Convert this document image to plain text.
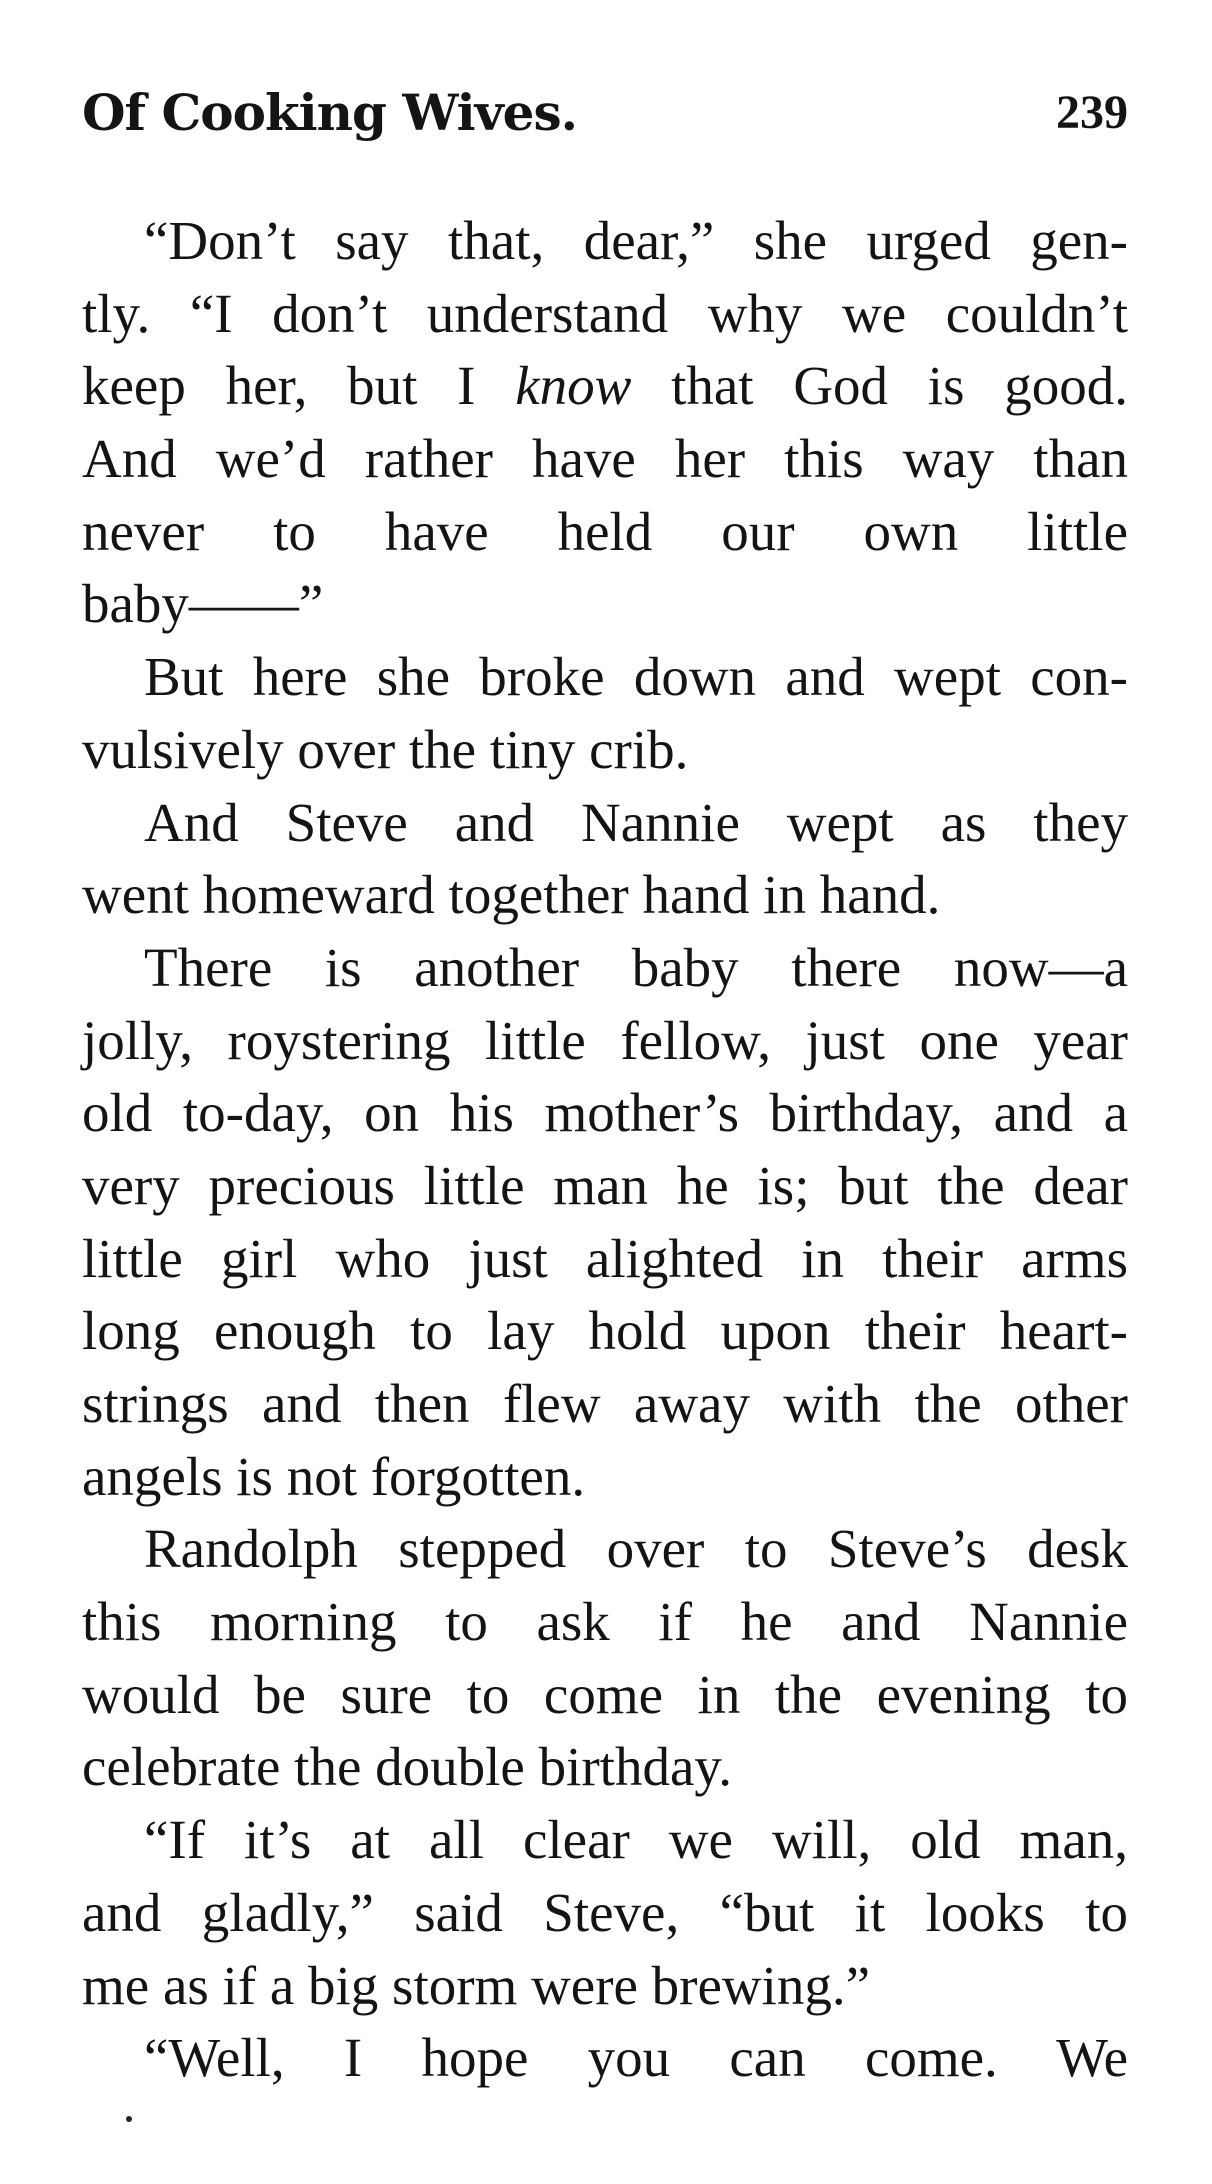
Of Cooking Wives.	239
“Don’t say that, dear,” she urged gen-
tly. “I don’t understand why we couldn’t
keep her, but I know that God is good.
And we’d rather have her this way than
never to have held our own little
baby——”
But here she broke down and wept con-
vulsively over the tiny crib.
And Steve and Nannie wept as they
went homeward together hand in hand.
There is another baby there now—a
jolly, roystering little fellow, just one year
old to-day, on his mother’s birthday, and a
very precious little man he is; but the dear
little girl who just alighted in their arms
long enough to lay hold upon their heart-
strings and then flew away with the other
angels is not forgotten.
Randolph stepped over to Steve’s desk
this morning to ask if he and Nannie
would be sure to come in the evening to
celebrate the double birthday.
“If it’s at all clear we will, old man,
and gladly,” said Steve, “but it looks to
me as if a big storm were brewing.”
“Well, I hope you can come. We
